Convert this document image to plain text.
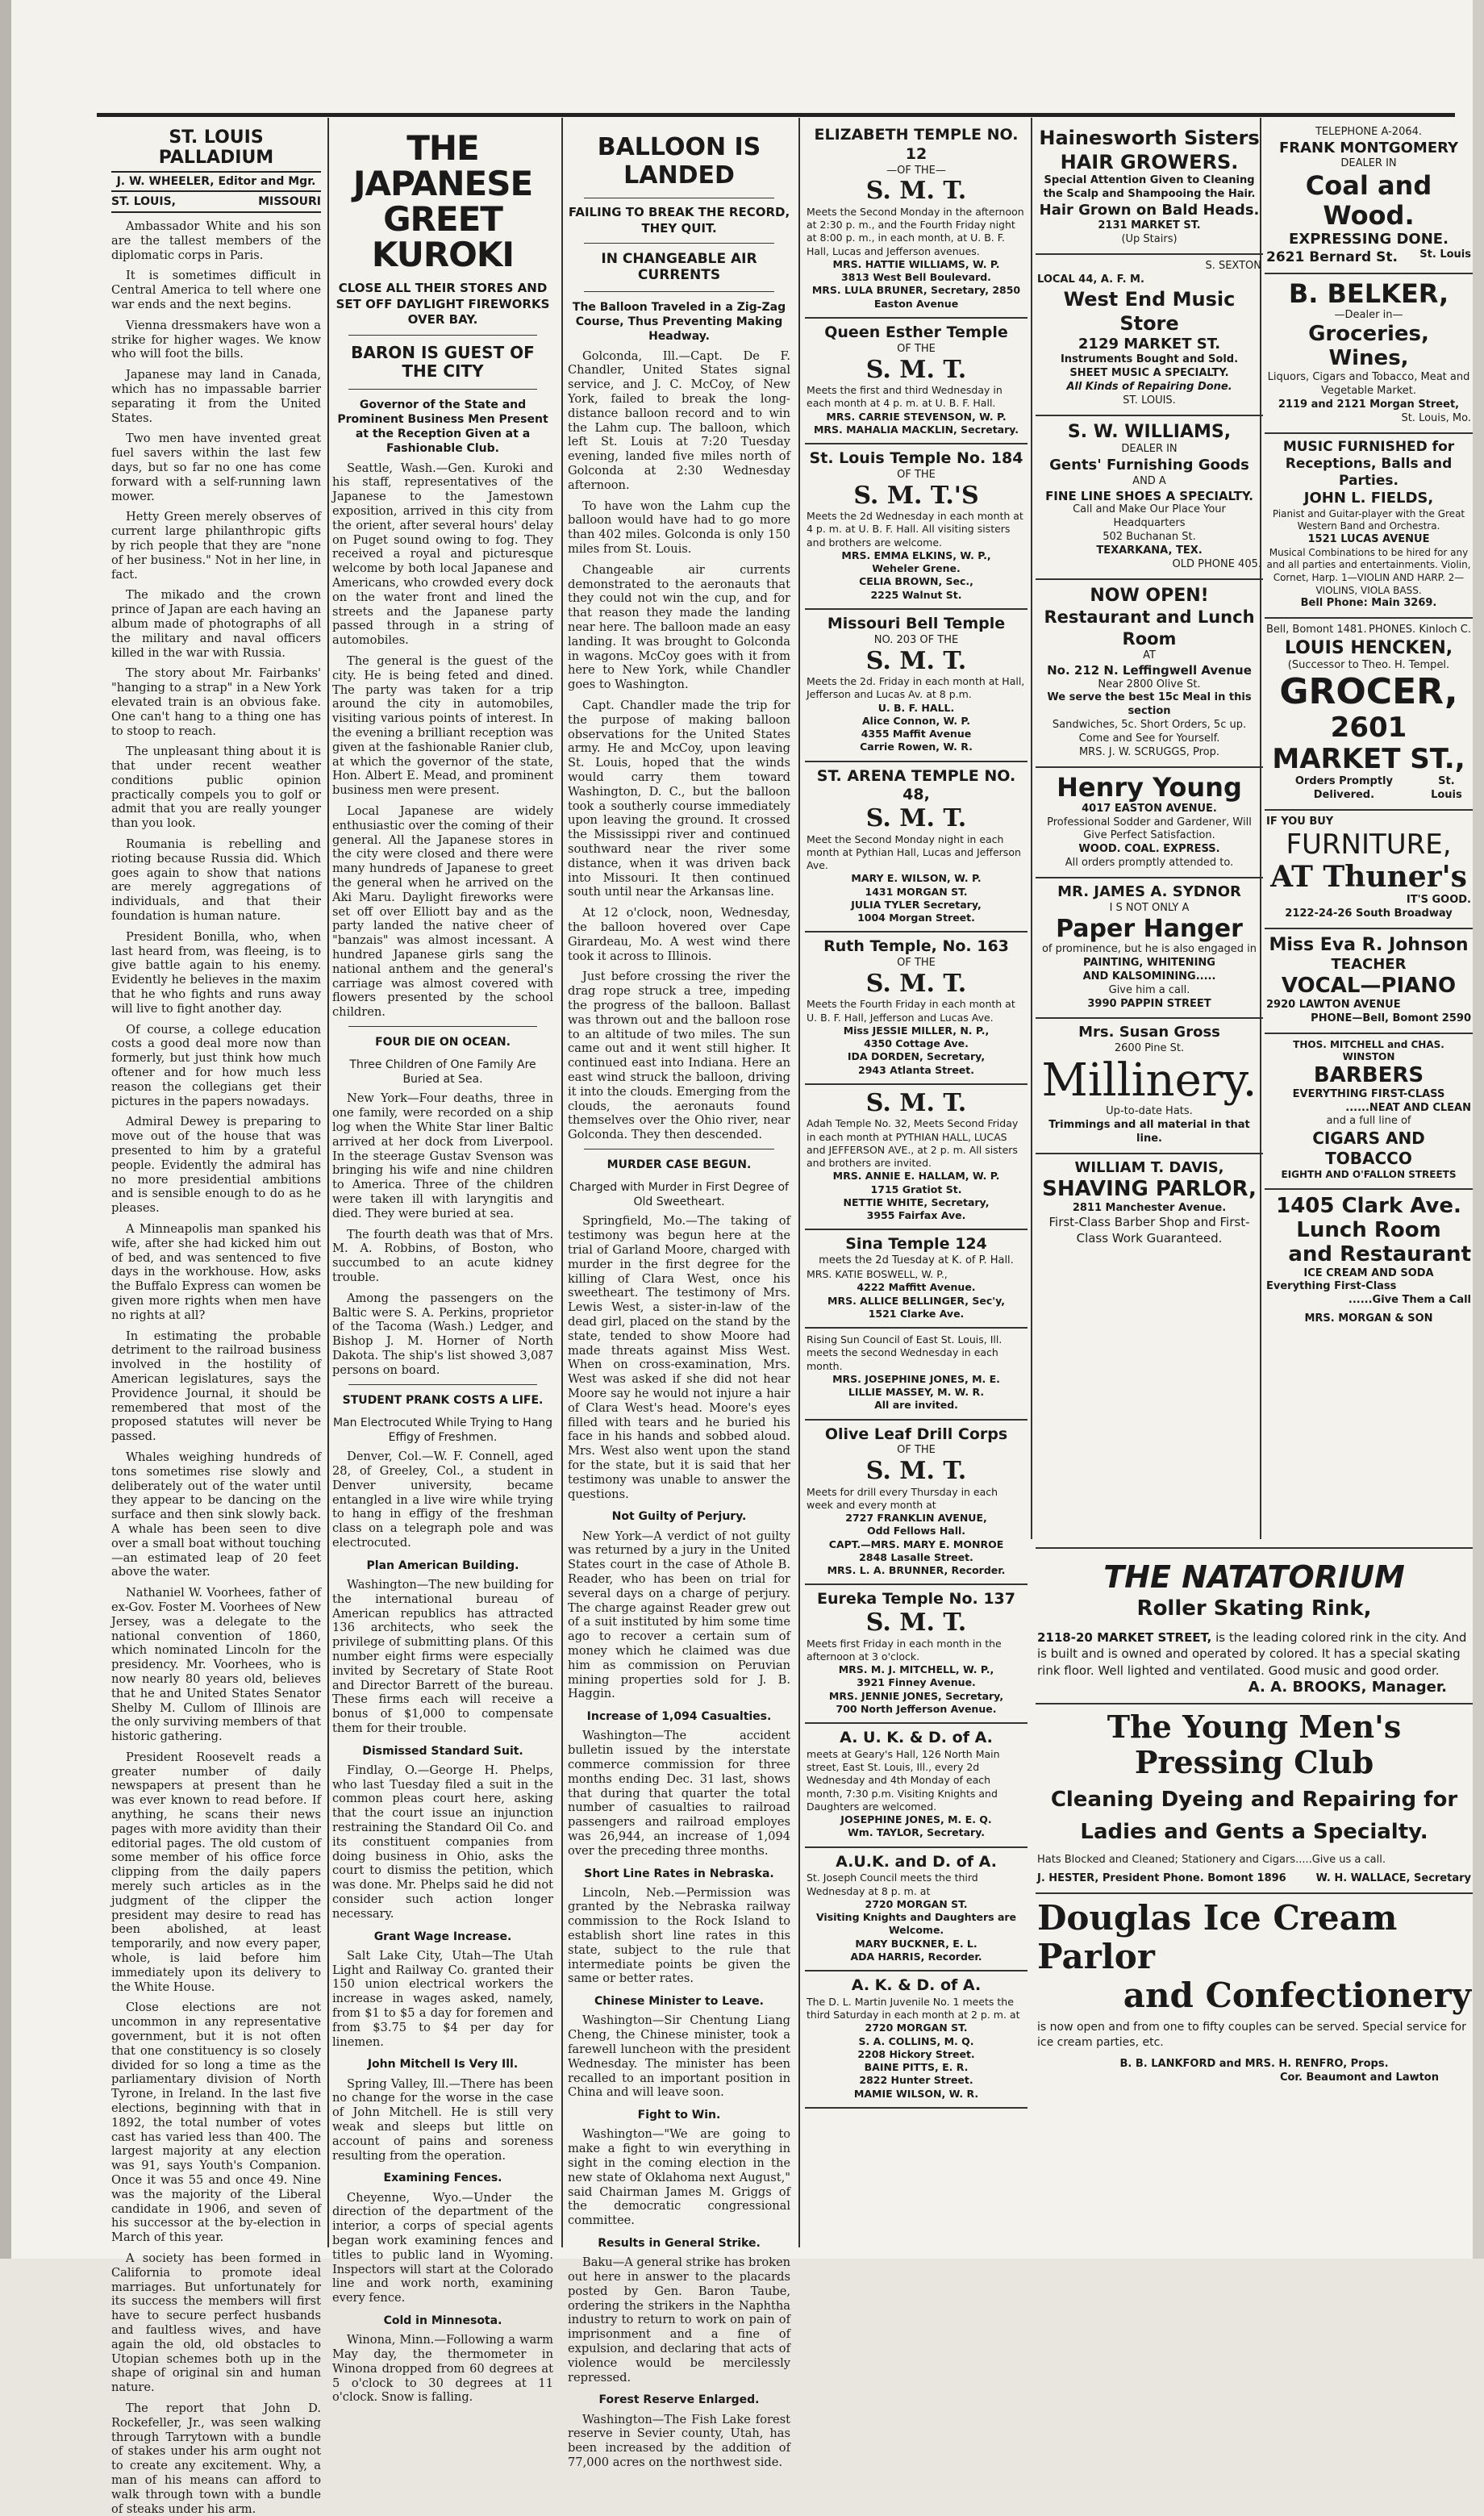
ST. LOUIS PALLADIUM
J. W. WHEELER, Editor and Mgr.
ST. LOUIS,	MISSOURI

Ambassador White and his son are the tallest members of the diplomatic corps in Paris.

It is sometimes difficult in Central America to tell where one war ends and the next begins.

Vienna dressmakers have won a strike for higher wages. We know who will foot the bills.

Japanese may land in Canada, which has no impassable barrier separating it from the United States.

Two men have invented great fuel savers within the last few days, but so far no one has come forward with a self-running lawn mower.

Hetty Green merely observes of current large philanthropic gifts by rich people that they are "none of her business." Not in her line, in fact.

The mikado and the crown prince of Japan are each having an album made of photographs of all the military and naval officers killed in the war with Russia.

The story about Mr. Fairbanks' "hanging to a strap" in a New York elevated train is an obvious fake. One can't hang to a thing one has to stoop to reach.

The unpleasant thing about it is that under recent weather conditions public opinion practically compels you to golf or admit that you are really younger than you look.

Roumania is rebelling and rioting because Russia did. Which goes again to show that nations are merely aggregations of individuals, and that their foundation is human nature.

President Bonilla, who, when last heard from, was fleeing, is to give battle again to his enemy. Evidently he believes in the maxim that he who fights and runs away will live to fight another day.

Of course, a college education costs a good deal more now than formerly, but just think how much oftener and for how much less reason the collegians get their pictures in the papers nowadays.

Admiral Dewey is preparing to move out of the house that was presented to him by a grateful people. Evidently the admiral has no more presidential ambitions and is sensible enough to do as he pleases.

A Minneapolis man spanked his wife, after she had kicked him out of bed, and was sentenced to five days in the workhouse. How, asks the Buffalo Express can women be given more rights when men have no rights at all?

In estimating the probable detriment to the railroad business involved in the hostility of American legislatures, says the Providence Journal, it should be remembered that most of the proposed statutes will never be passed.

Whales weighing hundreds of tons sometimes rise slowly and deliberately out of the water until they appear to be dancing on the surface and then sink slowly back. A whale has been seen to dive over a small boat without touching—an estimated leap of 20 feet above the water.

Nathaniel W. Voorhees, father of ex-Gov. Foster M. Voorhees of New Jersey, was a delegate to the national convention of 1860, which nominated Lincoln for the presidency. Mr. Voorhees, who is now nearly 80 years old, believes that he and United States Senator Shelby M. Cullom of Illinois are the only surviving members of that historic gathering.

President Roosevelt reads a greater number of daily newspapers at present than he was ever known to read before. If anything, he scans their news pages with more avidity than their editorial pages. The old custom of some member of his office force clipping from the daily papers merely such articles as in the judgment of the clipper the president may desire to read has been abolished, at least temporarily, and now every paper, whole, is laid before him immediately upon its delivery to the White House.

Close elections are not uncommon in any representative government, but it is not often that one constituency is so closely divided for so long a time as the parliamentary division of North Tyrone, in Ireland. In the last five elections, beginning with that in 1892, the total number of votes cast has varied less than 400. The largest majority at any election was 91, says Youth's Companion. Once it was 55 and once 49. Nine was the majority of the Liberal candidate in 1906, and seven of his successor at the by-election in March of this year.

A society has been formed in California to promote ideal marriages. But unfortunately for its success the members will first have to secure perfect husbands and faultless wives, and have again the old, old obstacles to Utopian schemes both up in the shape of original sin and human nature.

The report that John D. Rockefeller, Jr., was seen walking through Tarrytown with a bundle of stakes under his arm ought not to create any excitement. Why, a man of his means can afford to walk through town with a bundle of steaks under his arm.

THE JAPANESE GREET KUROKI
CLOSE ALL THEIR STORES AND SET OFF DAYLIGHT FIREWORKS OVER BAY.
BARON IS GUEST OF THE CITY
Governor of the State and Prominent Business Men Present at the Reception Given at a Fashionable Club.

Seattle, Wash.—Gen. Kuroki and his staff, representatives of the Japanese to the Jamestown exposition, arrived in this city from the orient, after several hours' delay on Puget sound owing to fog. They received a royal and picturesque welcome by both local Japanese and Americans, who crowded every dock on the water front and lined the streets and the Japanese party passed through in a string of automobiles.

The general is the guest of the city. He is being feted and dined. The party was taken for a trip around the city in automobiles, visiting various points of interest. In the evening a brilliant reception was given at the fashionable Ranier club, at which the governor of the state, Hon. Albert E. Mead, and prominent business men were present.

Local Japanese are widely enthusiastic over the coming of their general. All the Japanese stores in the city were closed and there were many hundreds of Japanese to greet the general when he arrived on the Aki Maru. Daylight fireworks were set off over Elliott bay and as the party landed the native cheer of "banzais" was almost incessant. A hundred Japanese girls sang the national anthem and the general's carriage was almost covered with flowers presented by the school children.

FOUR DIE ON OCEAN.
Three Children of One Family Are Buried at Sea.

New York—Four deaths, three in one family, were recorded on a ship log when the White Star liner Baltic arrived at her dock from Liverpool. In the steerage Gustav Svenson was bringing his wife and nine children to America. Three of the children were taken ill with laryngitis and died. They were buried at sea.

The fourth death was that of Mrs. M. A. Robbins, of Boston, who succumbed to an acute kidney trouble.

Among the passengers on the Baltic were S. A. Perkins, proprietor of the Tacoma (Wash.) Ledger, and Bishop J. M. Horner of North Dakota. The ship's list showed 3,087 persons on board.

STUDENT PRANK COSTS A LIFE.
Man Electrocuted While Trying to Hang Effigy of Freshmen.

Denver, Col.—W. F. Connell, aged 28, of Greeley, Col., a student in Denver university, became entangled in a live wire while trying to hang in effigy of the freshman class on a telegraph pole and was electrocuted.

Plan American Building.

Washington—The new building for the international bureau of American republics has attracted 136 architects, who seek the privilege of submitting plans. Of this number eight firms were especially invited by Secretary of State Root and Director Barrett of the bureau. These firms each will receive a bonus of $1,000 to compensate them for their trouble.

Dismissed Standard Suit.

Findlay, O.—George H. Phelps, who last Tuesday filed a suit in the common pleas court here, asking that the court issue an injunction restraining the Standard Oil Co. and its constituent companies from doing business in Ohio, asks the court to dismiss the petition, which was done. Mr. Phelps said he did not consider such action longer necessary.

Grant Wage Increase.

Salt Lake City, Utah—The Utah Light and Railway Co. granted their 150 union electrical workers the increase in wages asked, namely, from $1 to $5 a day for foremen and from $3.75 to $4 per day for linemen.

John Mitchell Is Very Ill.

Spring Valley, Ill.—There has been no change for the worse in the case of John Mitchell. He is still very weak and sleeps but little on account of pains and soreness resulting from the operation.

Examining Fences.

Cheyenne, Wyo.—Under the direction of the department of the interior, a corps of special agents began work examining fences and titles to public land in Wyoming. Inspectors will start at the Colorado line and work north, examining every fence.

Cold in Minnesota.

Winona, Minn.—Following a warm May day, the thermometer in Winona dropped from 60 degrees at 5 o'clock to 30 degrees at 11 o'clock. Snow is falling.

BALLOON IS LANDED
FAILING TO BREAK THE RECORD, THEY QUIT.
IN CHANGEABLE AIR CURRENTS
The Balloon Traveled in a Zig-Zag Course, Thus Preventing Making Headway.

Golconda, Ill.—Capt. De F. Chandler, United States signal service, and J. C. McCoy, of New York, failed to break the long-distance balloon record and to win the Lahm cup. The balloon, which left St. Louis at 7:20 Tuesday evening, landed five miles north of Golconda at 2:30 Wednesday afternoon.

To have won the Lahm cup the balloon would have had to go more than 402 miles. Golconda is only 150 miles from St. Louis.

Changeable air currents demonstrated to the aeronauts that they could not win the cup, and for that reason they made the landing near here. The balloon made an easy landing. It was brought to Golconda in wagons. McCoy goes with it from here to New York, while Chandler goes to Washington.

Capt. Chandler made the trip for the purpose of making balloon observations for the United States army. He and McCoy, upon leaving St. Louis, hoped that the winds would carry them toward Washington, D. C., but the balloon took a southerly course immediately upon leaving the ground. It crossed the Mississippi river and continued southward near the river some distance, when it was driven back into Missouri. It then continued south until near the Arkansas line.

At 12 o'clock, noon, Wednesday, the balloon hovered over Cape Girardeau, Mo. A west wind there took it across to Illinois.

Just before crossing the river the drag rope struck a tree, impeding the progress of the balloon. Ballast was thrown out and the balloon rose to an altitude of two miles. The sun came out and it went still higher. It continued east into Indiana. Here an east wind struck the balloon, driving it into the clouds. Emerging from the clouds, the aeronauts found themselves over the Ohio river, near Golconda. They then descended.

MURDER CASE BEGUN.
Charged with Murder in First Degree of Old Sweetheart.

Springfield, Mo.—The taking of testimony was begun here at the trial of Garland Moore, charged with murder in the first degree for the killing of Clara West, once his sweetheart. The testimony of Mrs. Lewis West, a sister-in-law of the dead girl, placed on the stand by the state, tended to show Moore had made threats against Miss West. When on cross-examination, Mrs. West was asked if she did not hear Moore say he would not injure a hair of Clara West's head. Moore's eyes filled with tears and he buried his face in his hands and sobbed aloud. Mrs. West also went upon the stand for the state, but it is said that her testimony was unable to answer the questions.

Not Guilty of Perjury.

New York—A verdict of not guilty was returned by a jury in the United States court in the case of Athole B. Reader, who has been on trial for several days on a charge of perjury. The charge against Reader grew out of a suit instituted by him some time ago to recover a certain sum of money which he claimed was due him as commission on Peruvian mining properties sold for J. B. Haggin.

Increase of 1,094 Casualties.

Washington—The accident bulletin issued by the interstate commerce commission for three months ending Dec. 31 last, shows that during that quarter the total number of casualties to railroad passengers and railroad employes was 26,944, an increase of 1,094 over the preceding three months.

Short Line Rates in Nebraska.

Lincoln, Neb.—Permission was granted by the Nebraska railway commission to the Rock Island to establish short line rates in this state, subject to the rule that intermediate points be given the same or better rates.

Chinese Minister to Leave.

Washington—Sir Chentung Liang Cheng, the Chinese minister, took a farewell luncheon with the president Wednesday. The minister has been recalled to an important position in China and will leave soon.

Fight to Win.

Washington—"We are going to make a fight to win everything in sight in the coming election in the new state of Oklahoma next August," said Chairman James M. Griggs of the democratic congressional committee.

Results in General Strike.

Baku—A general strike has broken out here in answer to the placards posted by Gen. Baron Taube, ordering the strikers in the Naphtha industry to return to work on pain of imprisonment and a fine of expulsion, and declaring that acts of violence would be mercilessly repressed.

Forest Reserve Enlarged.

Washington—The Fish Lake forest reserve in Sevier county, Utah, has been increased by the addition of 77,000 acres on the northwest side.

ELIZABETH TEMPLE NO. 12
—OF THE—
S. M. T.
Meets the Second Monday in the afternoon at 2:30 p. m., and the Fourth Friday night at 8:00 p. m., in each month, at U. B. F. Hall, Lucas and Jefferson avenues.
MRS. HATTIE WILLIAMS, W. P.
3813 West Bell Boulevard.
MRS. LULA BRUNER, Secretary, 2850 Easton Avenue
Queen Esther Temple
OF THE
S. M. T.
Meets the first and third Wednesday in each month at 4 p. m. at U. B. F. Hall.
MRS. CARRIE STEVENSON, W. P.
MRS. MAHALIA MACKLIN, Secretary.
St. Louis Temple No. 184
OF THE
S. M. T.'S
Meets the 2d Wednesday in each month at 4 p. m. at U. B. F. Hall. All visiting sisters and brothers are welcome.
MRS. EMMA ELKINS, W. P.,
Weheler Grene.
CELIA BROWN, Sec.,
2225 Walnut St.
Missouri Bell Temple
NO. 203 OF THE
S. M. T.
Meets the 2d. Friday in each month at Hall, Jefferson and Lucas Av. at 8 p.m.
U. B. F. HALL.
Alice Connon, W. P.
4355 Maffit Avenue
Carrie Rowen, W. R.
ST. ARENA TEMPLE NO. 48,
S. M. T.
Meet the Second Monday night in each month at Pythian Hall, Lucas and Jefferson Ave.
MARY E. WILSON, W. P.
1431 MORGAN ST.
JULIA TYLER Secretary,
1004 Morgan Street.
Ruth Temple, No. 163
OF THE
S. M. T.
Meets the Fourth Friday in each month at U. B. F. Hall, Jefferson and Lucas Ave.
Miss JESSIE MILLER, N. P.,
4350 Cottage Ave.
IDA DORDEN, Secretary,
2943 Atlanta Street.
S. M. T.
Adah Temple No. 32, Meets Second Friday in each month at PYTHIAN HALL, LUCAS and JEFFERSON AVE., at 2 p. m. All sisters and brothers are invited.
MRS. ANNIE E. HALLAM, W. P.
1715 Gratiot St.
NETTIE WHITE, Secretary,
3955 Fairfax Ave.
Sina Temple 124
meets the 2d Tuesday at K. of P. Hall.
MRS. KATIE BOSWELL, W. P.,
4222 Maffitt Avenue.
MRS. ALLICE BELLINGER, Sec'y,
1521 Clarke Ave.
Rising Sun Council of East St. Louis, Ill. meets the second Wednesday in each month.
MRS. JOSEPHINE JONES, M. E.
LILLIE MASSEY, M. W. R.
All are invited.
Olive Leaf Drill Corps
OF THE
S. M. T.
Meets for drill every Thursday in each week and every month at
2727 FRANKLIN AVENUE,
Odd Fellows Hall.
CAPT.—MRS. MARY E. MONROE
2848 Lasalle Street.
MRS. L. A. BRUNNER, Recorder.
Eureka Temple No. 137
S. M. T.
Meets first Friday in each month in the afternoon at 3 o'clock.
MRS. M. J. MITCHELL, W. P.,
3921 Finney Avenue.
MRS. JENNIE JONES, Secretary,
700 North Jefferson Avenue.
A. U. K. & D. of A.
meets at Geary's Hall, 126 North Main street, East St. Louis, Ill., every 2d Wednesday and 4th Monday of each month, 7:30 p.m. Visiting Knights and Daughters are welcomed.
JOSEPHINE JONES, M. E. Q.
Wm. TAYLOR, Secretary.
A.U.K. and D. of A.
St. Joseph Council meets the third Wednesday at 8 p. m. at
2720 MORGAN ST.
Visiting Knights and Daughters are Welcome.
MARY BUCKNER, E. L.
ADA HARRIS, Recorder.
A. K. & D. of A.
The D. L. Martin Juvenile No. 1 meets the third Saturday in each month at 2 p. m. at
2720 MORGAN ST.
S. A. COLLINS, M. Q.
2208 Hickory Street.
BAINE PITTS, E. R.
2822 Hunter Street.
MAMIE WILSON, W. R.
Hainesworth Sisters
HAIR GROWERS.
Special Attention Given to Cleaning the Scalp and Shampooing the Hair.
Hair Grown on Bald Heads.
2131 MARKET ST.
(Up Stairs)
S. SEXTON
LOCAL 44, A. F. M.
West End Music Store
2129 MARKET ST.
Instruments Bought and Sold.
SHEET MUSIC A SPECIALTY.
All Kinds of Repairing Done.
ST. LOUIS.
S. W. WILLIAMS,
DEALER IN
Gents' Furnishing Goods
AND A
FINE LINE SHOES A SPECIALTY.
Call and Make Our Place Your Headquarters
502 Buchanan St.
TEXARKANA, TEX.
OLD PHONE 405.
NOW OPEN!
Restaurant and Lunch Room
AT
No. 212 N. Leffingwell Avenue
Near 2800 Olive St.
We serve the best 15c Meal in this section
Sandwiches, 5c. Short Orders, 5c up. Come and See for Yourself.
MRS. J. W. SCRUGGS, Prop.
Henry Young
4017 EASTON AVENUE.
Professional Sodder and Gardener, Will Give Perfect Satisfaction.
WOOD. COAL. EXPRESS.
All orders promptly attended to.
MR. JAMES A. SYDNOR
I S NOT ONLY A
Paper Hanger
of prominence, but he is also engaged in
PAINTING, WHITENING
AND KALSOMINING.....
Give him a call.
3990 PAPPIN STREET
Mrs. Susan Gross
2600 Pine St.
Millinery.
Up-to-date Hats.
Trimmings and all material in that line.
WILLIAM T. DAVIS,
SHAVING PARLOR,
2811 Manchester Avenue.
First-Class Barber Shop and First-Class Work Guaranteed.
TELEPHONE A-2064.
FRANK MONTGOMERY
DEALER IN
Coal and Wood.
EXPRESSING DONE.
2621 Bernard St. St. Louis
B. BELKER,
—Dealer in—
Groceries, Wines,
Liquors, Cigars and Tobacco, Meat and Vegetable Market.
2119 and 2121 Morgan Street,
St. Louis, Mo.
MUSIC FURNISHED for Receptions, Balls and Parties.
JOHN L. FIELDS,
Pianist and Guitar-player with the Great Western Band and Orchestra.
1521 LUCAS AVENUE
Musical Combinations to be hired for any and all parties and entertainments. Violin, Cornet, Harp. 1—VIOLIN AND HARP. 2—VIOLINS, VIOLA BASS.
Bell Phone: Main 3269.
Bell, Bomont 1481. PHONES. Kinloch C.
LOUIS HENCKEN,
(Successor to Theo. H. Tempel.
GROCER,
2601 MARKET ST.,
Orders Promptly Delivered.
St. Louis
IF YOU BUY
FURNITURE,
AT Thuner's
IT'S GOOD.
2122-24-26 South Broadway
Miss Eva R. Johnson
TEACHER
VOCAL—PIANO
2920 LAWTON AVENUE
PHONE—Bell, Bomont 2590
THOS. MITCHELL and CHAS. WINSTON
BARBERS
EVERYTHING FIRST-CLASS
......NEAT AND CLEAN
and a full line of
CIGARS AND TOBACCO
EIGHTH AND O'FALLON STREETS
1405 Clark Ave.
Lunch Room
and Restaurant
ICE CREAM AND SODA
Everything First-Class
......Give Them a Call
MRS. MORGAN & SON
THE NATATORIUM
Roller Skating Rink,
2118-20 MARKET STREET, is the leading colored rink in the city. And is built and is owned and operated by colored. It has a special skating rink floor. Well lighted and ventilated. Good music and good order.
A. A. BROOKS, Manager.
The Young Men's Pressing Club
Cleaning Dyeing and Repairing for
Ladies and Gents a Specialty.
Hats Blocked and Cleaned; Stationery and Cigars.....Give us a call.
J. HESTER, President Phone. Bomont 1896	W. H. WALLACE, Secretary
Douglas Ice Cream Parlor
and Confectionery
is now open and from one to fifty couples can be served. Special service for ice cream parties, etc.
B. B. LANKFORD and MRS. H. RENFRO, Props.
Cor. Beaumont and Lawton
